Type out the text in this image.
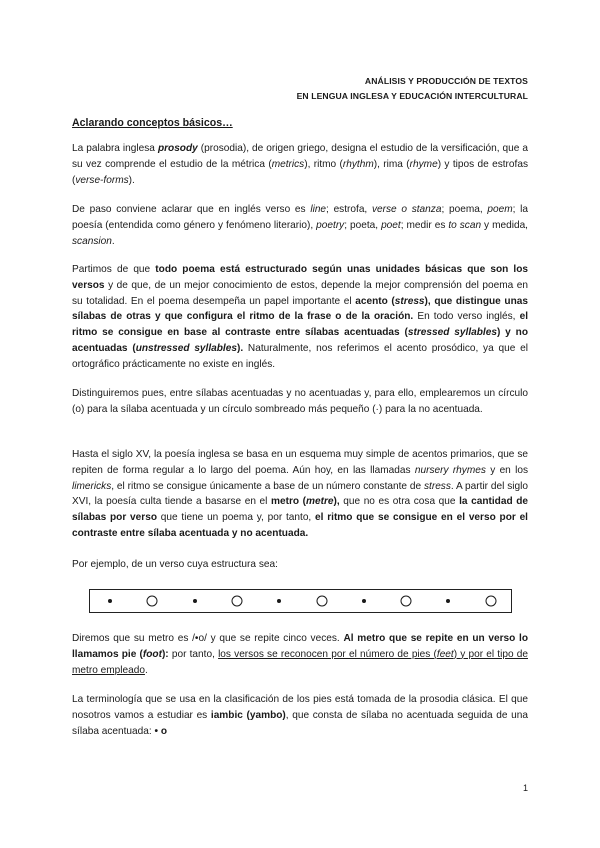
ANÁLISIS Y PRODUCCIÓN DE TEXTOS
EN LENGUA INGLESA Y EDUCACIÓN INTERCULTURAL
Aclarando conceptos básicos…
La palabra inglesa prosody (prosodia), de origen griego, designa el estudio de la versificación, que a su vez comprende el estudio de la métrica (metrics), ritmo (rhythm), rima (rhyme) y tipos de estrofas (verse-forms).
De paso conviene aclarar que en inglés verso es line; estrofa, verse o stanza; poema, poem; la poesía (entendida como género y fenómeno literario), poetry; poeta, poet; medir es to scan y medida, scansion.
Partimos de que todo poema está estructurado según unas unidades básicas que son los versos y de que, de un mejor conocimiento de estos, depende la mejor comprensión del poema en su totalidad. En el poema desempeña un papel importante el acento (stress), que distingue unas sílabas de otras y que configura el ritmo de la frase o de la oración. En todo verso inglés, el ritmo se consigue en base al contraste entre sílabas acentuadas (stressed syllables) y no acentuadas (unstressed syllables). Naturalmente, nos referimos el acento prosódico, ya que el ortográfico prácticamente no existe en inglés.
Distinguiremos pues, entre sílabas acentuadas y no acentuadas y, para ello, emplearemos un círculo (o) para la sílaba acentuada y un círculo sombreado más pequeño (·) para la no acentuada.
Hasta el siglo XV, la poesía inglesa se basa en un esquema muy simple de acentos primarios, que se repiten de forma regular a lo largo del poema. Aún hoy, en las llamadas nursery rhymes y en los limericks, el ritmo se consigue únicamente a base de un número constante de stress. A partir del siglo XVI, la poesía culta tiende a basarse en el metro (metre), que no es otra cosa que la cantidad de sílabas por verso que tiene un poema y, por tanto, el ritmo que se consigue en el verso por el contraste entre sílaba acentuada y no acentuada.
Por ejemplo, de un verso cuya estructura sea:
Diremos que su metro es /•o/ y que se repite cinco veces. Al metro que se repite en un verso lo llamamos pie (foot): por tanto, los versos se reconocen por el número de pies (feet) y por el tipo de metro empleado.
La terminología que se usa en la clasificación de los pies está tomada de la prosodia clásica. El que nosotros vamos a estudiar es iambic (yambo), que consta de sílaba no acentuada seguida de una sílaba acentuada: • o
1
